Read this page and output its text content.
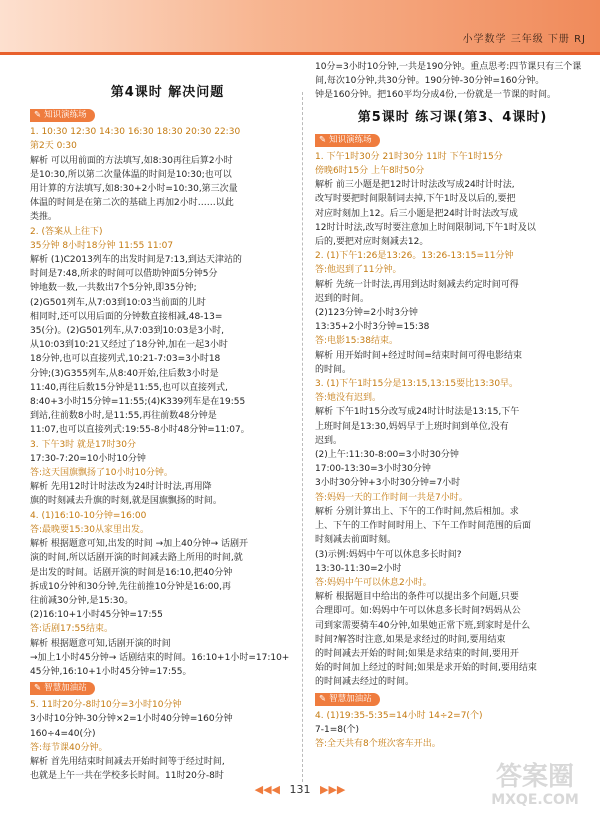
小学数学 三年级 下册 RJ
第4课时 解决问题
✎ 知识演练场

1. 10:30 12:30 14:30 16:30 18:30 20:30 22:30

第2天 0:30

解析 可以用前面的方法填写,如8:30再往后算2小时

是10:30,所以第二次量体温的时间是10:30;也可以

用计算的方法填写,如8:30+2小时=10:30,第三次量

体温的时间是在第二次的基础上再加2小时……以此

类推。

2. (答案从上往下)

35分钟 8小时18分钟 11:55 11:07

解析 (1)C2013列车的出发时间是7:13,到达天津站的

时间是7:48,所求的时间可以借助钟面5分钟5分

钟地数一数,一共数出7个5分钟,即35分钟;

(2)G501列车,从7:03到10:03当前面的儿时

相同时,还可以用后面的分钟数直接相减,48-13=

35(分)。(2)G501列车,从7:03到10:03是3小时,

从10:03到10:21又经过了18分钟,加在一起3小时

18分钟,也可以直接列式,10:21-7:03=3小时18

分钟;(3)G355列车,从8:40开始,往后数3小时是

11:40,再往后数15分钟是11:55,也可以直接列式,

8:40+3小时15分钟=11:55;(4)K339列车是在19:55

到站,往前数8小时,是11:55,再往前数48分钟是

11:07,也可以直接列式:19:55-8小时48分钟=11:07。

3. 下午3时 就是17时30分

17:30-7:20=10小时10分钟

答:这天国旗飘扬了10小时10分钟。

解析 先用12时计时法改为24时计时法,再用降

旗的时刻减去升旗的时刻,就是国旗飘扬的时间。

4. (1)16:10-10分钟=16:00

答:最晚要15:30从家里出发。

解析 根据题意可知,出发的时间 →加上40分钟→ 话剧开

演的时间,所以话剧开演的时间减去路上所用的时间,就

是出发的时间。话剧开演的时间是16:10,把40分钟

拆成10分钟和30分钟,先往前推10分钟是16:00,再

往前减30分钟,是15:30。

(2)16:10+1小时45分钟=17:55

答:话剧17:55结束。

解析 根据题意可知,话剧开演的时间

→加上1小时45分钟→ 话剧结束的时间。16:10+1小时=17:10+

45分钟,16:10+1小时45分钟=17:55。

✎ 智慧加油站

5. 11时20分-8时10分=3小时10分钟

3小时10分钟-30分钟×2=1小时40分钟=160分钟

160÷4=40(分)

答:每节课40分钟。

解析 首先用结束时间减去开始时间等于经过时间,

也就是上午一共在学校多长时间。11时20分-8时

10分=3小时10分钟,一共是190分钟。重点思考:四节课只有三个课

间,每次10分钟,共30分钟。190分钟-30分钟=160分钟。

钟是160分钟。把160平均分成4份,一份就是一节课的时间。

第5课时 练习课(第3、4课时)
✎ 知识演练场

1. 下午1时30分 21时30分 11时 下午1时15分

傍晚6时15分 上午8时50分

解析 前三小题是把12时计时法改写成24时计时法,

改写时要把时间限制词去掉,下午1时及以后的,要把

对应时刻加上12。后三小题是把24时计时法改写成

12时计时法,改写时要注意加上时间限制词,下午1时及以

后的,要把对应时刻减去12。

2. (1)下午1:26是13:26。13:26-13:15=11分钟

答:他迟到了11分钟。

解析 先统一计时法,再用到达时刻减去约定时间可得

迟到的时间。

(2)123分钟=2小时3分钟

13:35+2小时3分钟=15:38

答:电影15:38结束。

解析 用开始时间+经过时间=结束时间可得电影结束

的时间。

3. (1)下午1时15分是13:15,13:15要比13:30早。

答:她没有迟到。

解析 下午1时15分改写成24时计时法是13:15,下午

上班时间是13:30,妈妈早于上班时间到单位,没有

迟到。

(2)上午:11:30-8:00=3小时30分钟

17:00-13:30=3小时30分钟

3小时30分钟+3小时30分钟=7小时

答:妈妈一天的工作时间一共是7小时。

解析 分别计算出上、下午的工作时间,然后相加。求

上、下午的工作时间时用上、下午工作时间范围的后面

时刻减去前面时刻。

(3)示例:妈妈中午可以休息多长时间?

13:30-11:30=2小时

答:妈妈中午可以休息2小时。

解析 根据题目中给出的条件可以提出多个问题,只要

合理即可。如:妈妈中午可以休息多长时间?妈妈从公

司到家需要骑车40分钟,如果她正常下班,到家时是什么

时间?解答时注意,如果是求经过的时间,要用结束

的时间减去开始的时间;如果是求结束的时间,要用开

始的时间加上经过的时间;如果是求开始的时间,要用结束

的时间减去经过的时间。

✎ 智慧加油站

4. (1)19:35-5:35=14小时 14÷2=7(个)

7-1=8(个)

答:全天共有8个班次客车开出。

◀◀◀ 131 ▶▶▶	答案圈
MXQE.COM
